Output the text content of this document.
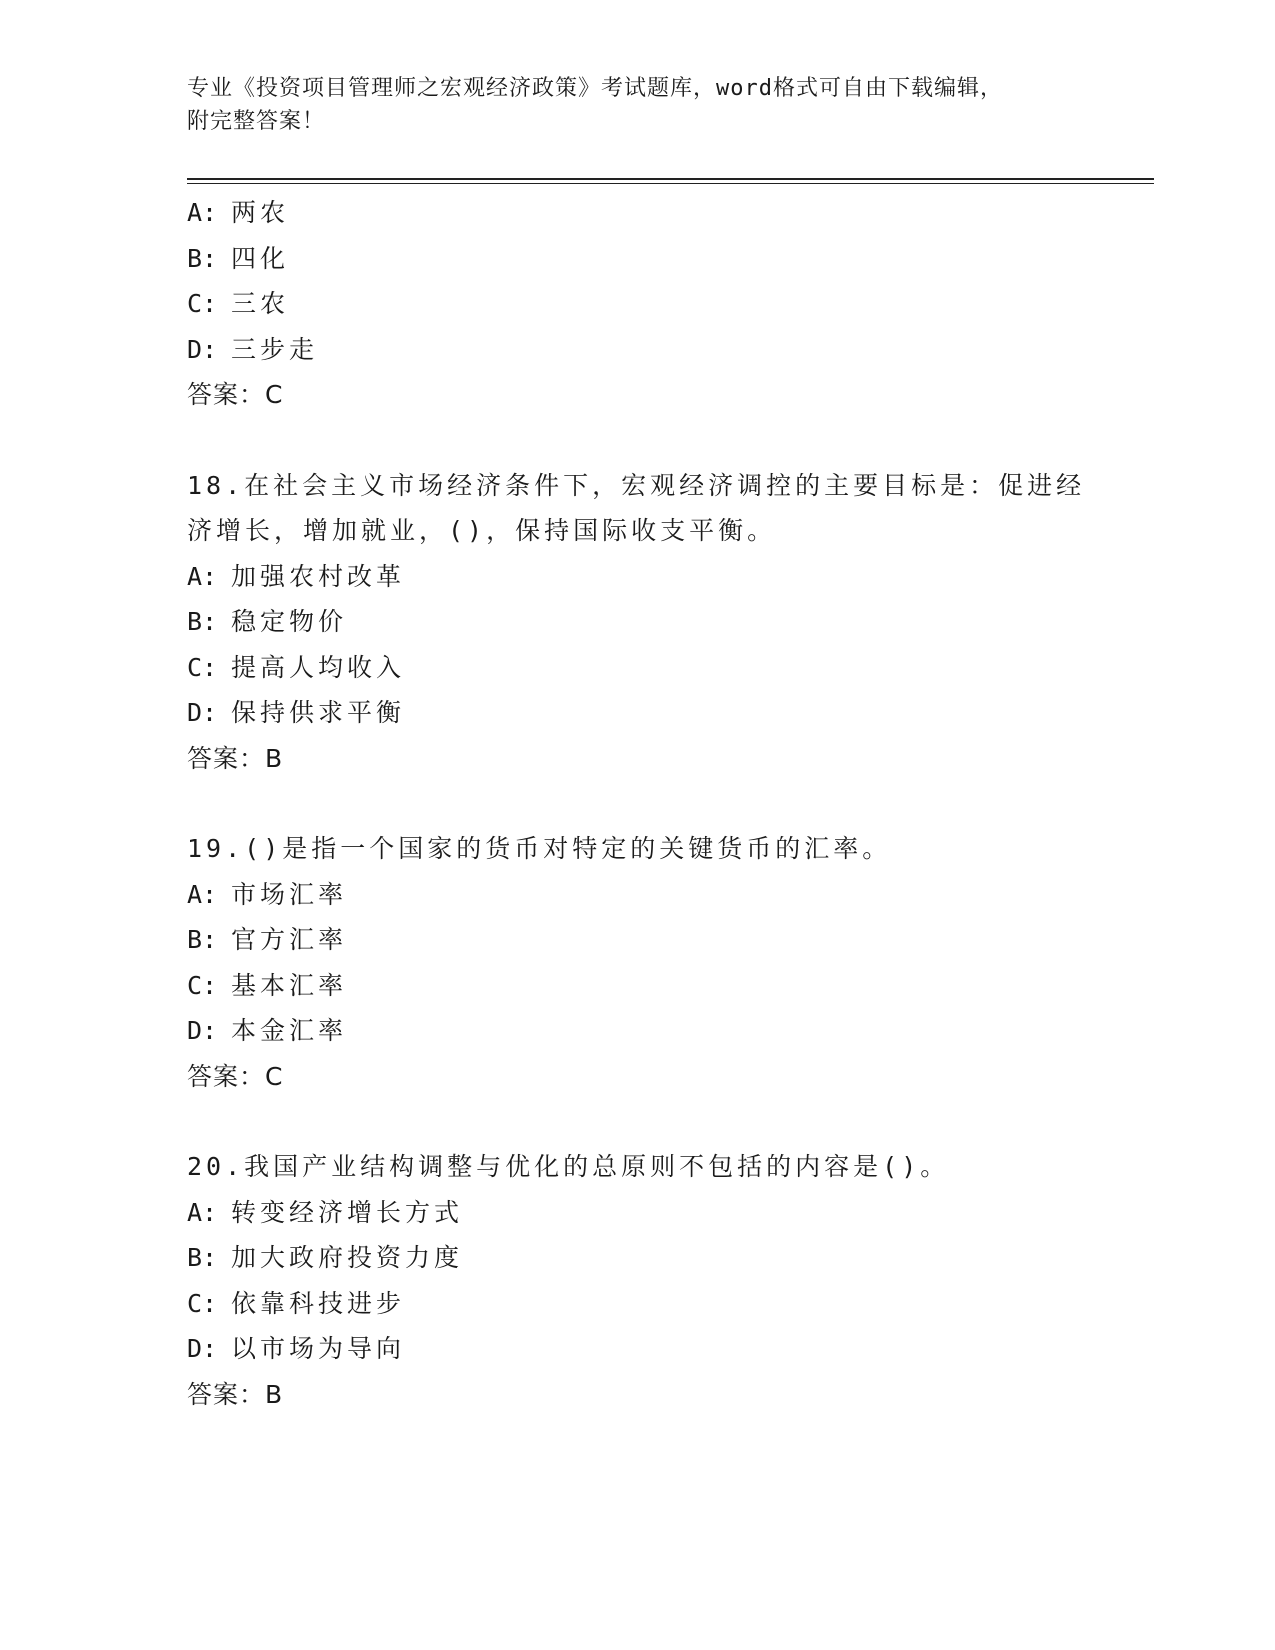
专业《投资项目管理师之宏观经济政策》考试题库，word格式可自由下载编辑，
附完整答案！
A: 两农
B: 四化
C: 三农
D: 三步走
答案：C
18.在社会主义市场经济条件下，宏观经济调控的主要目标是：促进经
济增长，增加就业，()，保持国际收支平衡。
A: 加强农村改革
B: 稳定物价
C: 提高人均收入
D: 保持供求平衡
答案：B
19.()是指一个国家的货币对特定的关键货币的汇率。
A: 市场汇率
B: 官方汇率
C: 基本汇率
D: 本金汇率
答案：C
20.我国产业结构调整与优化的总原则不包括的内容是()。
A: 转变经济增长方式
B: 加大政府投资力度
C: 依靠科技进步
D: 以市场为导向
答案：B
